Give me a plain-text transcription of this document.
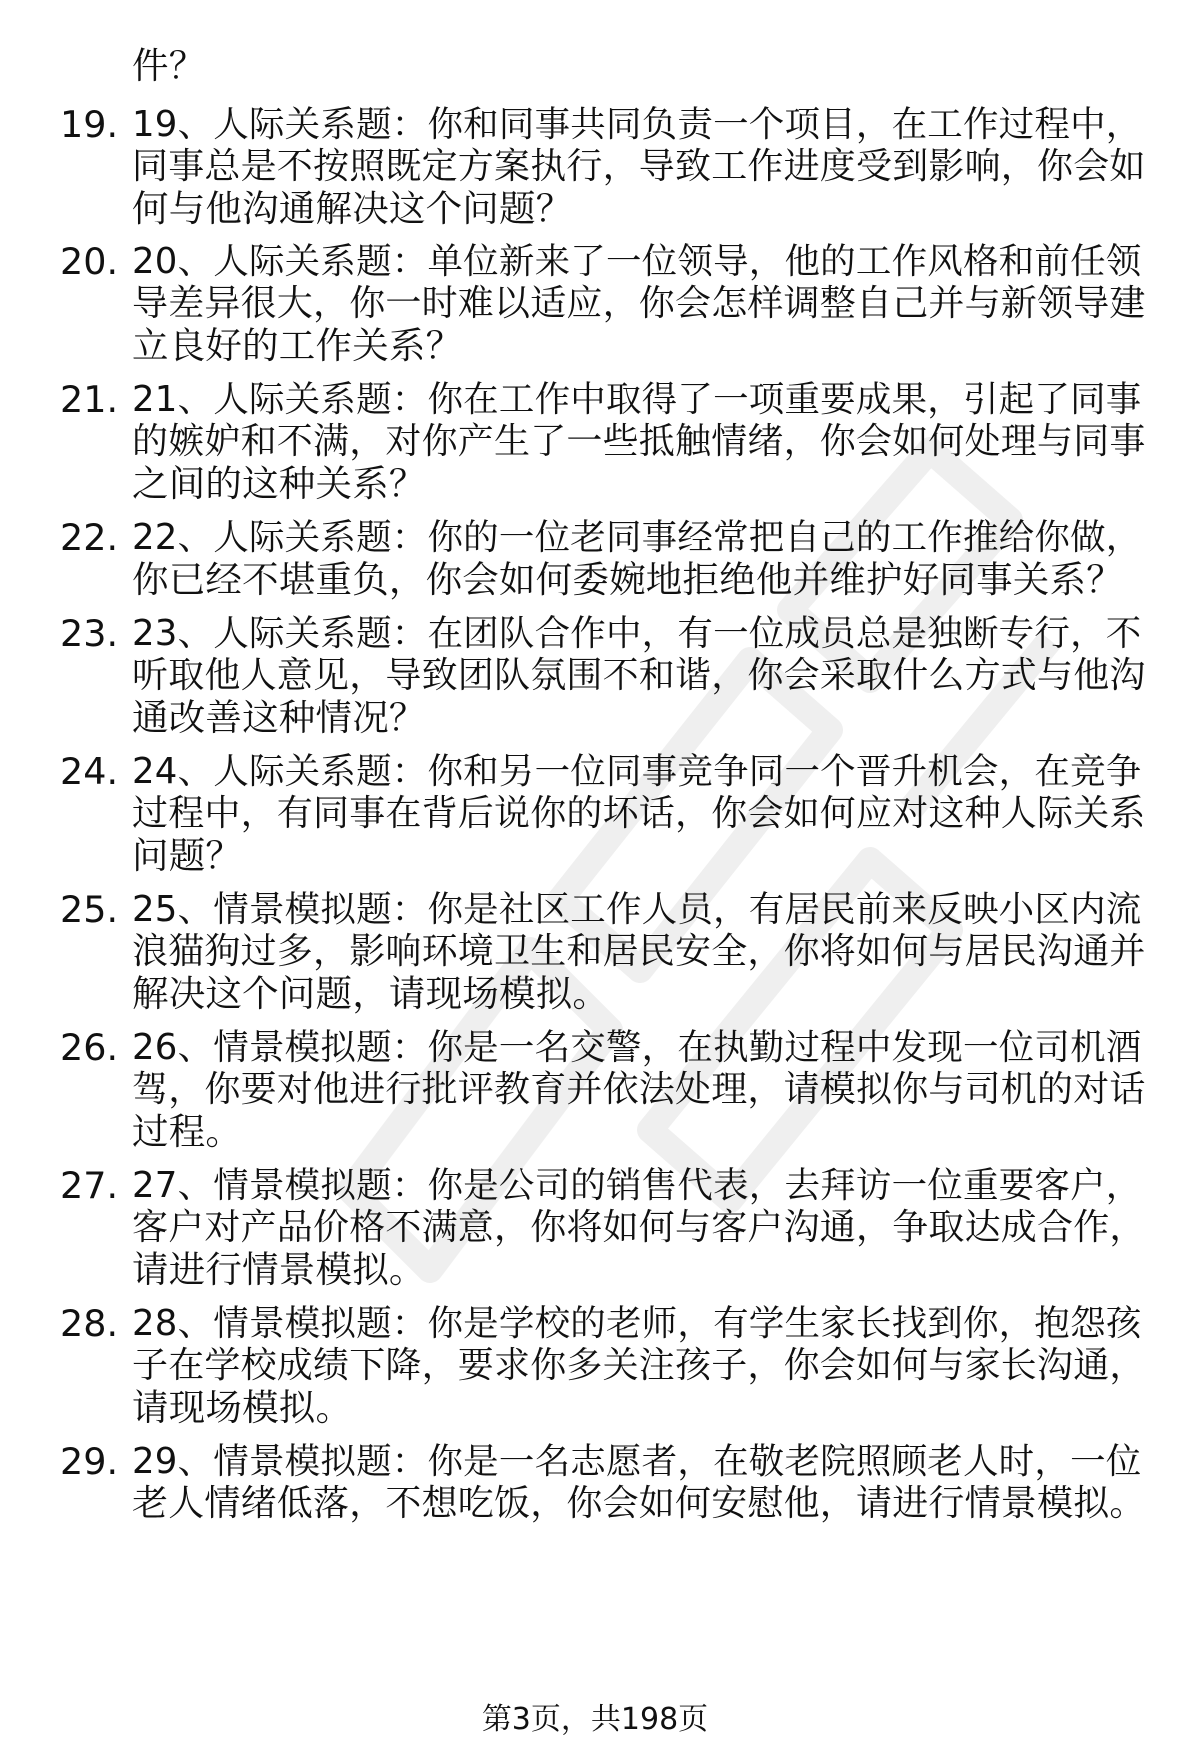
件？
19. 19、人际关系题：你和同事共同负责一个项目，在工作过程中，
同事总是不按照既定方案执行，导致工作进度受到影响，你会如
何与他沟通解决这个问题？
20. 20、人际关系题：单位新来了一位领导，他的工作风格和前任领
导差异很大，你一时难以适应，你会怎样调整自己并与新领导建
立良好的工作关系？
21. 21、人际关系题：你在工作中取得了一项重要成果，引起了同事
的嫉妒和不满，对你产生了一些抵触情绪，你会如何处理与同事
之间的这种关系？
22. 22、人际关系题：你的一位老同事经常把自己的工作推给你做，
你已经不堪重负，你会如何委婉地拒绝他并维护好同事关系？
23. 23、人际关系题：在团队合作中，有一位成员总是独断专行，不
听取他人意见，导致团队氛围不和谐，你会采取什么方式与他沟
通改善这种情况？
24. 24、人际关系题：你和另一位同事竞争同一个晋升机会，在竞争
过程中，有同事在背后说你的坏话，你会如何应对这种人际关系
问题？
25. 25、情景模拟题：你是社区工作人员，有居民前来反映小区内流
浪猫狗过多，影响环境卫生和居民安全，你将如何与居民沟通并
解决这个问题，请现场模拟。
26. 26、情景模拟题：你是一名交警，在执勤过程中发现一位司机酒
驾，你要对他进行批评教育并依法处理，请模拟你与司机的对话
过程。
27. 27、情景模拟题：你是公司的销售代表，去拜访一位重要客户，
客户对产品价格不满意，你将如何与客户沟通，争取达成合作，
请进行情景模拟。
28. 28、情景模拟题：你是学校的老师，有学生家长找到你，抱怨孩
子在学校成绩下降，要求你多关注孩子，你会如何与家长沟通，
请现场模拟。
29. 29、情景模拟题：你是一名志愿者，在敬老院照顾老人时，一位
老人情绪低落，不想吃饭，你会如何安慰他，请进行情景模拟。
第3页，共198页
